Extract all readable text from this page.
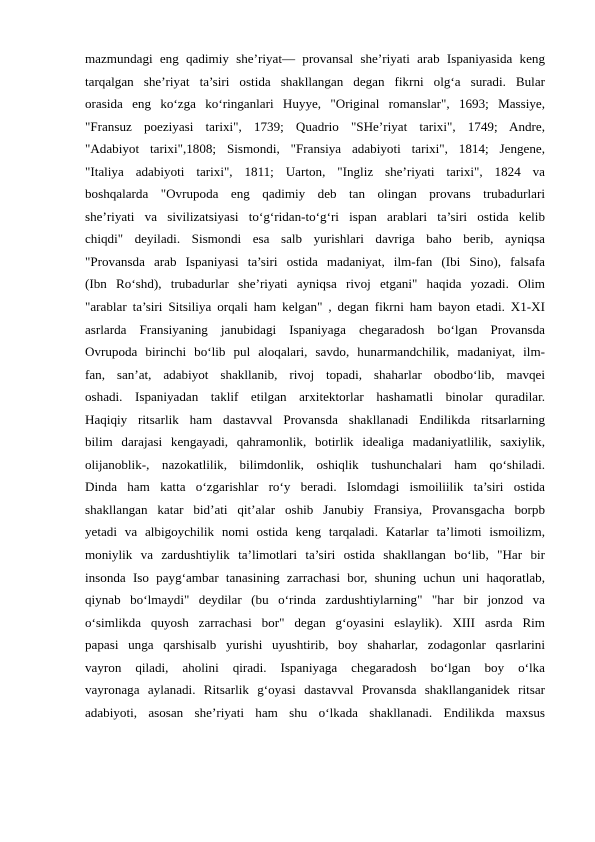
mazmundagi eng qadimiy she’riyat— provansal she’riyati arab Ispaniyasida keng
tarqalgan she’riyat ta’siri ostida shakllangan degan fikrni olg‘a suradi. Bular
orasida eng ko‘zga ko‘ringanlari Huyye, "Original romanslar", 1693; Massiye,
"Fransuz poeziyasi tarixi", 1739; Quadrio "SHe’riyat tarixi", 1749; Andre,
"Adabiyot tarixi",1808; Sismondi, "Fransiya adabiyoti tarixi", 1814; Jengene,
"Italiya adabiyoti tarixi", 1811; Uarton, "Ingliz she’riyati tarixi", 1824 va
boshqalarda "Ovrupoda eng qadimiy deb tan olingan provans trubadurlari
she’riyati va sivilizatsiyasi to‘g‘ridan-to‘g‘ri ispan arablari ta’siri ostida kelib
chiqdi" deyiladi. Sismondi esa salb yurishlari davriga baho berib, ayniqsa
"Provansda arab Ispaniyasi ta’siri ostida madaniyat, ilm-fan (Ibi Sino), falsafa
(Ibn Ro‘shd), trubadurlar she’riyati ayniqsa rivoj etgani" haqida yozadi. Olim
"arablar ta’siri Sitsiliya orqali ham kelgan" , degan fikrni ham bayon etadi. X1-XI
asrlarda Fransiyaning janubidagi Ispaniyaga chegaradosh bo‘lgan Provansda
Ovrupoda birinchi bo‘lib pul aloqalari, savdo, hunarmandchilik, madaniyat, ilm-
fan, san’at, adabiyot shakllanib, rivoj topadi, shaharlar obodbo‘lib, mavqei
oshadi. Ispaniyadan taklif etilgan arxitektorlar hashamatli binolar quradilar.
Haqiqiy ritsarlik ham dastavval Provansda shakllanadi Endilikda ritsarlarning
bilim darajasi kengayadi, qahramonlik, botirlik idealiga madaniyatlilik, saxiylik,
olijanoblik-, nazokatlilik, bilimdonlik, oshiqlik tushunchalari ham qo‘shiladi.
Dinda ham katta o‘zgarishlar ro‘y beradi. Islomdagi ismoiliilik ta’siri ostida
shakllangan katar bid’ati qit’alar oshib Janubiy Fransiya, Provansgacha borpb
yetadi va albigoychilik nomi ostida keng tarqaladi. Katarlar ta’limoti ismoilizm,
moniylik va zardushtiylik ta’limotlari ta’siri ostida shakllangan bo‘lib, "Har bir
insonda Iso payg‘ambar tanasining zarrachasi bor, shuning uchun uni haqoratlab,
qiynab bo‘lmaydi" deydilar (bu o‘rinda zardushtiylarning" "har bir jonzod va
o‘simlikda quyosh zarrachasi bor" degan g‘oyasini eslaylik). XIII asrda Rim
papasi unga qarshisalb yurishi uyushtirib, boy shaharlar, zodagonlar qasrlarini
vayron qiladi, aholini qiradi. Ispaniyaga chegaradosh bo‘lgan boy o‘lka
vayronaga aylanadi. Ritsarlik g‘oyasi dastavval Provansda shakllanganidek ritsar
adabiyoti, asosan she’riyati ham shu o‘lkada shakllanadi. Endilikda maxsus
